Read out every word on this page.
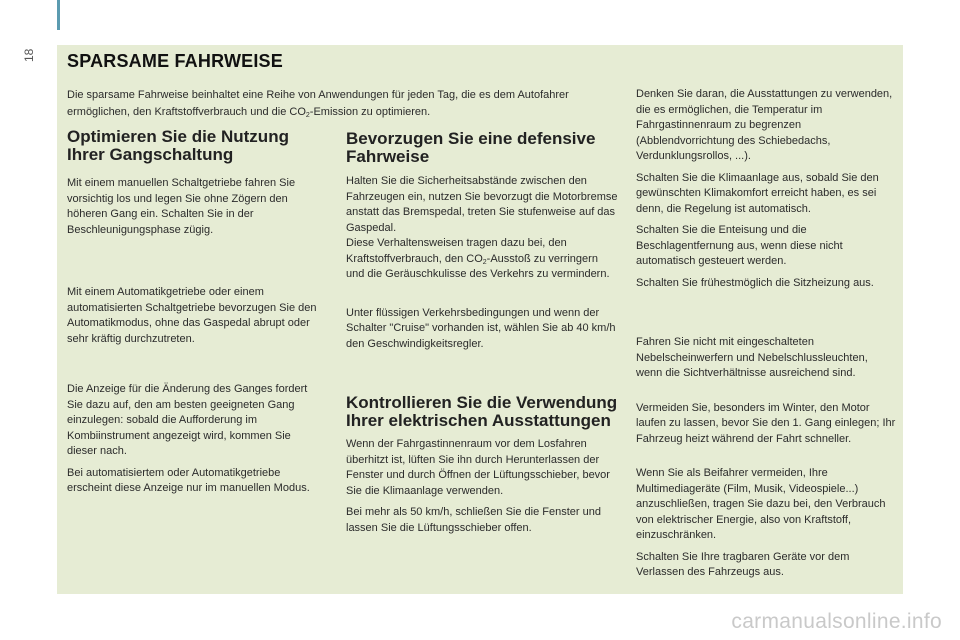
18 SPARSAME FAHRWEISE
Die sparsame Fahrweise beinhaltet eine Reihe von Anwendungen für jeden Tag, die es dem Autofahrer ermöglichen, den Kraftstoffverbrauch und die $CO_2$-Emission zu optimieren.

Optimieren Sie die Nutzung Ihrer Gangschaltung

Mit einem manuellen Schaltgetriebe fahren Sie vorsichtig los und legen Sie ohne Zögern den höheren Gang ein. Schalten Sie in der Beschleunigungsphase zügig.

Mit einem Automatikgetriebe oder einem automatisierten Schaltgetriebe bevorzugen Sie den Automatikmodus, ohne das Gaspedal abrupt oder sehr kräftig durchzutreten.

Die Anzeige für die Änderung des Ganges fordert Sie dazu auf, den am besten geeigneten Gang einzulegen: sobald die Aufforderung im Kombiinstrument angezeigt wird, kommen Sie dieser nach.

Bei automatisiertem oder Automatikgetriebe erscheint diese Anzeige nur im manuellen Modus.

Bevorzugen Sie eine defensive Fahrweise

Halten Sie die Sicherheitsabstände zwischen den Fahrzeugen ein, nutzen Sie bevorzugt die Motorbremse anstatt das Bremspedal, treten Sie stufenweise auf das Gaspedal.

Diese Verhaltensweisen tragen dazu bei, den Kraftstoffverbrauch, den $CO_2$-Ausstoß zu verringern und die Geräuschkulisse des Verkehrs zu vermindern.

Unter flüssigen Verkehrsbedingungen und wenn der Schalter "Cruise" vorhanden ist, wählen Sie ab 40 km/h den Geschwindigkeitsregler.

Kontrollieren Sie die Verwendung Ihrer elektrischen Ausstattungen

Wenn der Fahrgastinnenraum vor dem Losfahren überhitzt ist, lüften Sie ihn durch Herunterlassen der Fenster und durch Öffnen der Lüftungsschieber, bevor Sie die Klimaanlage verwenden.

Bei mehr als 50 km/h, schließen Sie die Fenster und lassen Sie die Lüftungsschieber offen.

Denken Sie daran, die Ausstattungen zu verwenden, die es ermöglichen, die Temperatur im Fahrgastinnenraum zu begrenzen (Abblendvorrichtung des Schiebedachs, Verdunklungsrollos, ...).

Schalten Sie die Klimaanlage aus, sobald Sie den gewünschten Klimakomfort erreicht haben, es sei denn, die Regelung ist automatisch.

Schalten Sie die Enteisung und die Beschlagentfernung aus, wenn diese nicht automatisch gesteuert werden.

Schalten Sie frühestmöglich die Sitzheizung aus.

Fahren Sie nicht mit eingeschalteten Nebelscheinwerfern und Nebelschlussleuchten, wenn die Sichtverhältnisse ausreichend sind.

Vermeiden Sie, besonders im Winter, den Motor laufen zu lassen, bevor Sie den 1. Gang einlegen; Ihr Fahrzeug heizt während der Fahrt schneller.

Wenn Sie als Beifahrer vermeiden, Ihre Multimediageräte (Film, Musik, Videospiele...) anzuschließen, tragen Sie dazu bei, den Verbrauch von elektrischer Energie, also von Kraftstoff, einzuschränken.

Schalten Sie Ihre tragbaren Geräte vor dem Verlassen des Fahrzeugs aus.

carmanualsonline.info
